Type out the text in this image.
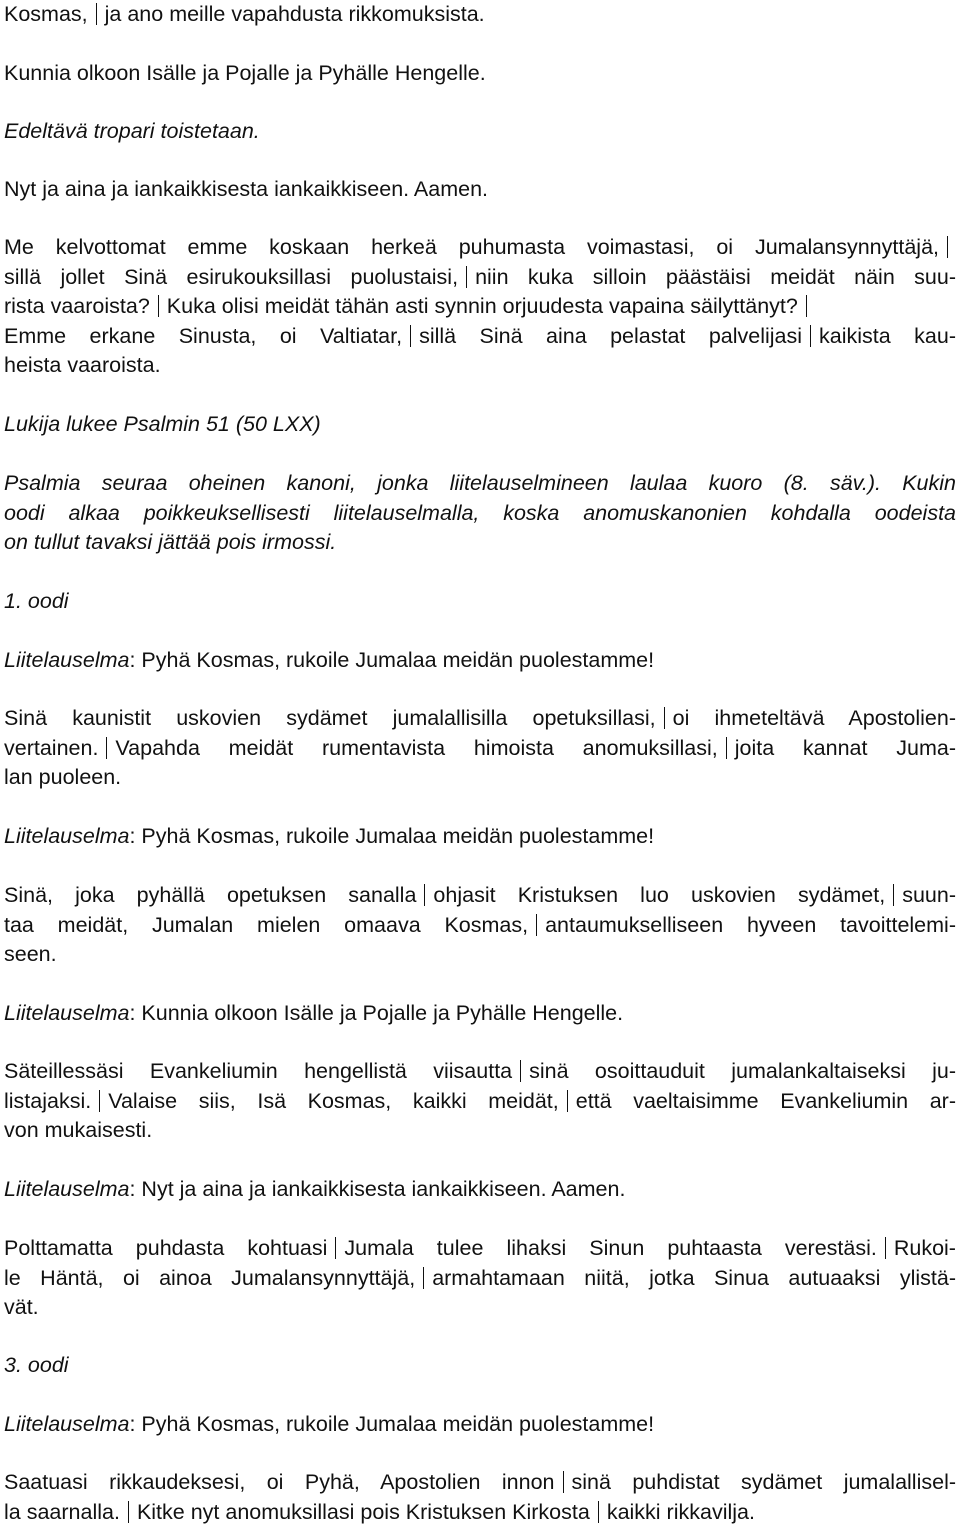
Kosmas, ja ano meille vapahdusta rikkomuksista.
Kunnia olkoon Isälle ja Pojalle ja Pyhälle Hengelle.
Edeltävä tropari toistetaan.
Nyt ja aina ja iankaikkisesta iankaikkiseen. Aamen.
Me kelvottomat emme koskaan herkeä puhumasta voimastasi, oi Jumalansynnyttäjä,
sillä jollet Sinä esirukouksillasi puolustaisi, niin kuka silloin päästäisi meidät näin suu-
rista vaaroista? Kuka olisi meidät tähän asti synnin orjuudesta vapaina säilyttänyt?
Emme erkane Sinusta, oi Valtiatar, sillä Sinä aina pelastat palvelijasi kaikista kau-
heista vaaroista.
Lukija lukee Psalmin 51 (50 LXX)
Psalmia seuraa oheinen kanoni, jonka liitelauselmineen laulaa kuoro (8. säv.). Kukin
oodi alkaa poikkeuksellisesti liitelauselmalla, koska anomuskanonien kohdalla oodeista
on tullut tavaksi jättää pois irmossi.
1. oodi
Liitelauselma: Pyhä Kosmas, rukoile Jumalaa meidän puolestamme!
Sinä kaunistit uskovien sydämet jumalallisilla opetuksillasi, oi ihmeteltävä Apostolien-
vertainen. Vapahda meidät rumentavista himoista anomuksillasi, joita kannat Juma-
lan puoleen.
Liitelauselma: Pyhä Kosmas, rukoile Jumalaa meidän puolestamme!
Sinä, joka pyhällä opetuksen sanalla ohjasit Kristuksen luo uskovien sydämet, suun-
taa meidät, Jumalan mielen omaava Kosmas, antaumukselliseen hyveen tavoittelemi-
seen.
Liitelauselma: Kunnia olkoon Isälle ja Pojalle ja Pyhälle Hengelle.
Säteillessäsi Evankeliumin hengellistä viisautta sinä osoittauduit jumalankaltaiseksi ju-
listajaksi. Valaise siis, Isä Kosmas, kaikki meidät, että vaeltaisimme Evankeliumin ar-
von mukaisesti.
Liitelauselma: Nyt ja aina ja iankaikkisesta iankaikkiseen. Aamen.
Polttamatta puhdasta kohtuasi Jumala tulee lihaksi Sinun puhtaasta verestäsi. Rukoi-
le Häntä, oi ainoa Jumalansynnyttäjä, armahtamaan niitä, jotka Sinua autuaaksi ylistä-
vät.
3. oodi
Liitelauselma: Pyhä Kosmas, rukoile Jumalaa meidän puolestamme!
Saatuasi rikkaudeksesi, oi Pyhä, Apostolien innon sinä puhdistat sydämet jumalallisel-
la saarnalla. Kitke nyt anomuksillasi pois Kristuksen Kirkosta kaikki rikkavilja.
